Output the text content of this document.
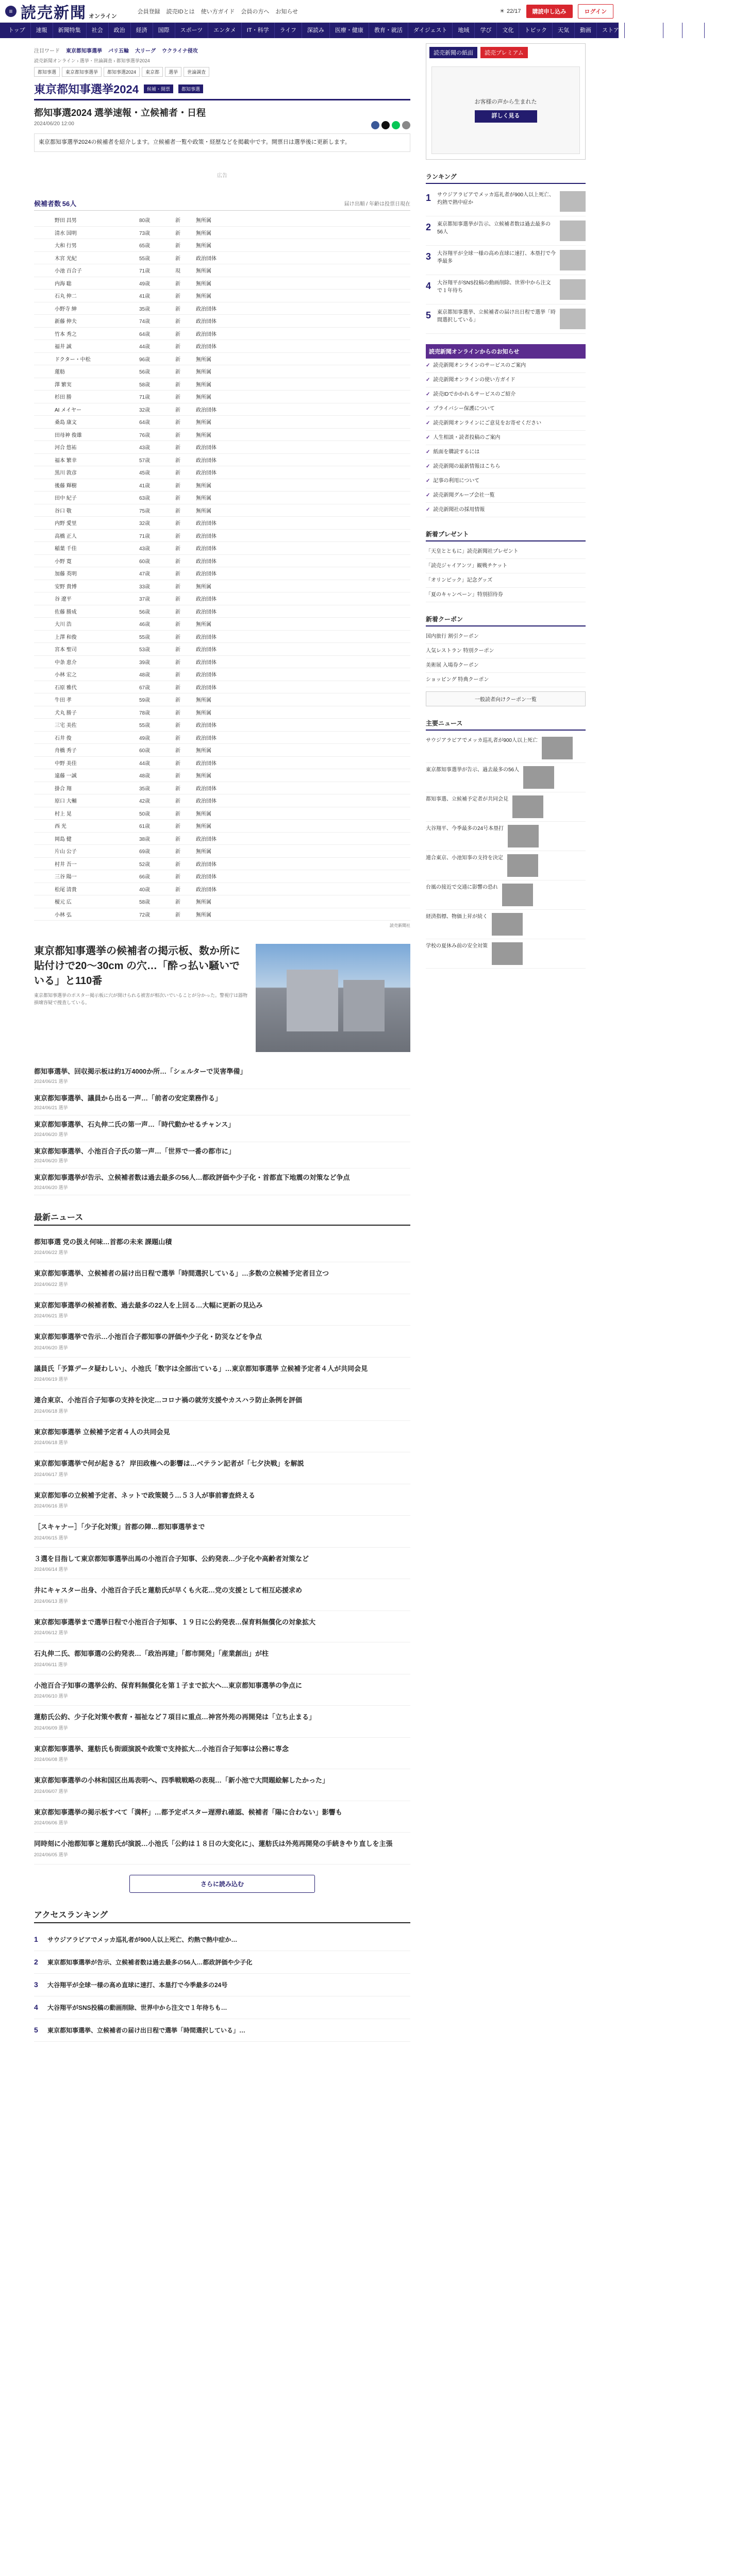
≡ 読売新聞 オンライン
会員登録 読売IDとは 使い方ガイド 会員の方へ お知らせ	☀ 22/17	購読申し込み	ログイン
トップ	速報	新聞特集	社会	政治	経済	国際	スポーツ	エンタメ	IT・科学	ライフ	深読み	医療・健康	教育・就活	ダイジェスト	地域	学び	文化	トピック	天気	動画	ストア	プレミアム	⌕	検索
注目ワード 東京都知事選挙 パリ五輪 大リーグ ウクライナ侵攻
読売新聞オンライン › 選挙・世論調査 › 都知事選挙2024
都知事選	東京都知事選挙	都知事選2024	東京都	選挙	世論調査
東京都知事選挙2024	候補・開票	都知事選
都知事選2024 選挙速報・立候補者・日程
2024/06/20 12:00
東京都知事選挙2024の候補者を紹介します。立候補者一覧や政策・経歴などを掲載中です。開票日は選挙後に更新します。
広告
候補者数 56人	届け出順 / 年齢は投票日現在
野田 昌男	80歳	新	無所属
清水 国明	73歳	新	無所属
大和 行男	65歳	新	無所属
木宮 光紀	55歳	新	政治団体
小池 百合子	71歳	現	無所属
内海 聡	49歳	新	無所属
石丸 伸二	41歳	新	無所属
小野寺 紳	35歳	新	政治団体
新藤 伸夫	74歳	新	政治団体
竹本 秀之	64歳	新	政治団体
福井 誠	44歳	新	政治団体
ドクター・中松	96歳	新	無所属
蓮舫	56歳	新	無所属
澤 繁実	58歳	新	無所属
杉田 勝	71歳	新	無所属
AI メイヤー	32歳	新	政治団体
桑島 康文	64歳	新	無所属
田母神 俊雄	76歳	新	無所属
河合 悠祐	43歳	新	政治団体
福本 繁幸	57歳	新	政治団体
黒川 敦彦	45歳	新	政治団体
後藤 輝樹	41歳	新	無所属
田中 紀子	63歳	新	無所属
谷口 敬	75歳	新	無所属
内野 愛里	32歳	新	政治団体
高橋 正人	71歳	新	政治団体
稲葉 千佳	43歳	新	政治団体
小野 寛	60歳	新	政治団体
加藤 英明	47歳	新	政治団体
安野 貴博	33歳	新	無所属
谷 遼平	37歳	新	政治団体
佐藤 勝成	56歳	新	政治団体
大川 浩	46歳	新	無所属
上澤 和俊	55歳	新	政治団体
宮本 聖司	53歳	新	政治団体
中条 恵介	39歳	新	政治団体
小林 宏之	48歳	新	政治団体
石原 雅代	67歳	新	政治団体
牛田 孝	59歳	新	無所属
犬丸 勝子	78歳	新	無所属
三宅 美佐	55歳	新	政治団体
石井 俊	49歳	新	政治団体
舟橋 秀子	60歳	新	無所属
中野 美佳	44歳	新	政治団体
遠藤 一誠	48歳	新	無所属
掛合 翔	35歳	新	政治団体
原口 大輔	42歳	新	政治団体
村上 晃	50歳	新	無所属
西 光	61歳	新	無所属
岡島 健	38歳	新	政治団体
片山 公子	69歳	新	無所属
村井 吾一	52歳	新	政治団体
三谷 陽一	66歳	新	政治団体
松尾 清貴	40歳	新	政治団体
榎元 広	58歳	新	無所属
小林 弘	72歳	新	無所属
読売新聞社
東京都知事選挙の候補者の掲示板、数か所に貼付けで20～30cm の穴…「酔っ払い騒いでいる」と110番

東京都知事選挙のポスター掲示板に穴が開けられる被害が相次いでいることが分かった。警視庁は器物損壊容疑で捜査している。

都知事選挙、回収掲示板は約1万4000か所…「シェルターで災害準備」
2024/06/21 選挙
東京都知事選挙、議員から出る一声…「前者の安定業務作る」
2024/06/21 選挙
東京都知事選挙、石丸伸二氏の第一声…「時代動かせるチャンス」
2024/06/20 選挙
東京都知事選挙、小池百合子氏の第一声…「世界で一番の都市に」
2024/06/20 選挙
東京都知事選挙が告示、立候補者数は過去最多の56人…都政評価や少子化・首都直下地震の対策など争点
2024/06/20 選挙
最新ニュース
都知事選 党の扱え何味…首都の未来 課題山積
2024/06/22 選挙
東京都知事選挙、立候補者の届け出日程で選挙「時間選択している」…多数の立候補予定者目立つ
2024/06/22 選挙
東京都知事選挙の候補者数、過去最多の22人を上回る…大幅に更新の見込み
2024/06/21 選挙
東京都知事選挙で告示…小池百合子都知事の評価や少子化・防災などを争点
2024/06/20 選挙
議員氏「予算データ疑わしい」、小池氏「数字は全部出ている」…東京都知事選挙 立候補予定者４人が共同会見
2024/06/19 選挙
連合東京、小池百合子知事の支持を決定…コロナ禍の就労支援やカスハラ防止条例を評価
2024/06/18 選挙
東京都知事選挙 立候補予定者４人の共同会見
2024/06/18 選挙
東京都知事選挙で何が起きる？ 岸田政権への影響は…ベテラン記者が「七夕決戦」を解説
2024/06/17 選挙
東京都知事の立候補予定者、ネットで政策競う…５３人が事前審査終える
2024/06/16 選挙
［スキャナー］「少子化対策」首都の陣…都知事選挙まで
2024/06/15 選挙
３選を目指して東京都知事選挙出馬の小池百合子知事、公約発表…少子化や高齢者対策など
2024/06/14 選挙
井にキャスター出身、小池百合子氏と蓮舫氏が早くも火花…党の支援として相互応援求め
2024/06/13 選挙
東京都知事選挙まで選挙日程で小池百合子知事、１９日に公約発表…保育料無償化の対象拡大
2024/06/12 選挙
石丸伸二氏、都知事選の公約発表…「政治再建」「都市開発」「産業創出」が柱
2024/06/11 選挙
小池百合子知事の選挙公約、保育料無償化を第１子まで拡大へ…東京都知事選挙の争点に
2024/06/10 選挙
蓮舫氏公約、少子化対策や教育・福祉など７項目に重点…神宮外苑の再開発は「立ち止まる」
2024/06/09 選挙
東京都知事選挙、蓮舫氏も街頭演説や政策で支持拡大…小池百合子知事は公務に専念
2024/06/08 選挙
東京都知事選挙の小林和国区出馬表明へ、四季戦戦略の表現…「新小池で大問題絵解したかった」
2024/06/07 選挙
東京都知事選挙の掲示板すべて「満杯」…都予定ポスター遅滞れ確認、候補者「陽に合わない」影響も
2024/06/06 選挙
同時刻に小池都知事と蓮舫氏が演説…小池氏「公約は１８日の大変化に」、蓮舫氏は外苑再開発の手続きやり直しを主張
2024/06/05 選挙
さらに読み込む
アクセスランキング
1	サウジアラビアでメッカ巡礼者が900人以上死亡、灼熱で熱中症か…
2	東京都知事選挙が告示、立候補者数は過去最多の56人…都政評価や少子化
3	大谷翔平が全球一様の高め直球に速打、本塁打で今季最多の24号
4	大谷翔平がSNS投稿の動画削除、世界中から注文で１年待ちも…
5	東京都知事選挙、立候補者の届け出日程で選挙「時間選択している」…
読売新聞の紙面	読売プレミアム
お客様の声から生まれた
詳しく見る
ランキング
1	サウジアラビアでメッカ巡礼者が900人以上死亡、灼熱で熱中症か
2	東京都知事選挙が告示、立候補者数は過去最多の56人
3	大谷翔平が全球一様の高め直球に速打、本塁打で今季最多
4	大谷翔平がSNS投稿の動画削除、世界中から注文で１年待ち
5	東京都知事選挙、立候補者の届け出日程で選挙「時間選択している」
読売新聞オンラインからのお知らせ
✓ 読売新聞オンラインのサービスのご案内
✓ 読売新聞オンラインの使い方ガイド
✓ 読売IDでかかれるサービスのご紹介
✓ プライバシー保護について
✓ 読売新聞オンラインにご意見をお寄せください
✓ 人生相談・読者投稿のご案内
✓ 紙面を購読するには
✓ 読売新聞の最新情報はこちら
✓ 記事の利用について
✓ 読売新聞グループ会社一覧
✓ 読売新聞社の採用情報
新着プレゼント
「天皇とともに」読売新聞社プレゼント
「読売ジャイアンツ」観戦チケット
「オリンピック」記念グッズ
「夏のキャンペーン」特別招待券
新着クーポン
国内旅行 割引クーポン
人気レストラン 特別クーポン
美術展 入場券クーポン
ショッピング 特典クーポン
一般読者向けクーポン一覧
主要ニュース
サウジアラビアでメッカ巡礼者が900人以上死亡
東京都知事選挙が告示、過去最多の56人
都知事選、立候補予定者が共同会見
大谷翔平、今季最多の24号本塁打
連合東京、小池知事の支持を決定
台風の接近で交通に影響の恐れ
経済指標、物価上昇が続く
学校の夏休み前の安全対策
